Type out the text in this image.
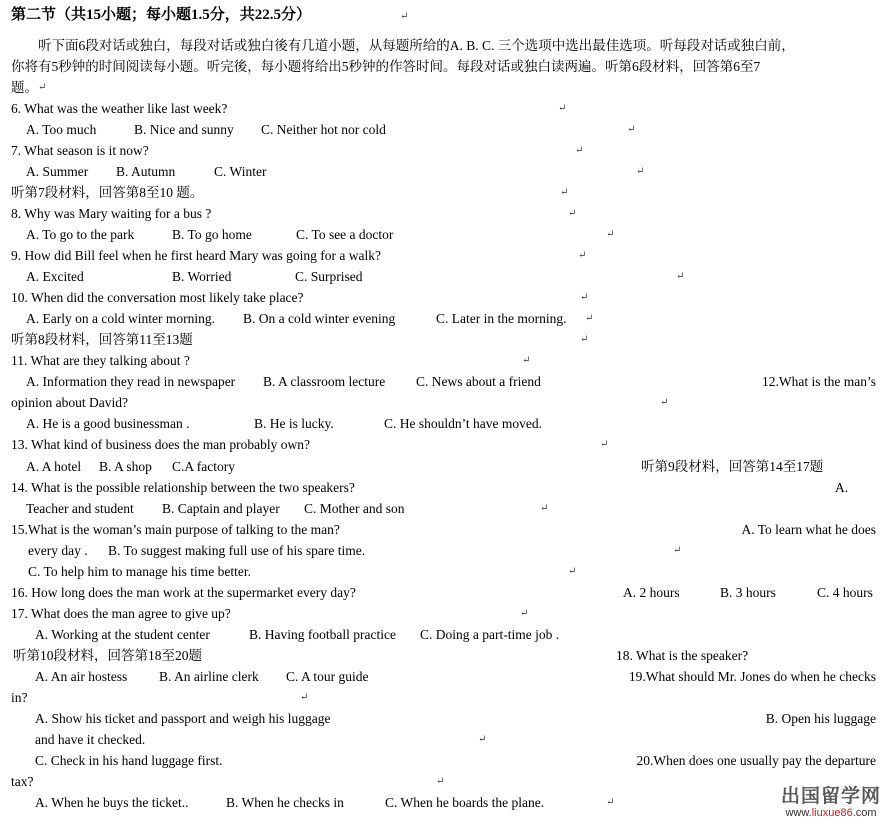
第二节（共15小题；每小题1.5分，共22.5分）	↵
听下面6段对话或独白，每段对话或独白後有几道小题，从每题所给的A. B. C. 三个选项中选出最佳选项。听每段对话或独白前，
你将有5秒钟的时间阅读每小题。听完後，每小题将给出5秒钟的作答时间。每段对话或独白读两遍。听第6段材料，回答第6至7
题。 ↵
6. What was the weather like last week?	↵
A. Too much	B. Nice and sunny C. Neither hot nor cold	↵
7. What season is it now?	↵
A. Summer B. Autumn	C. Winter	↵
听第7段材料，回答第8至10 题。	↵
8. Why was Mary waiting for a bus ?	↵
A. To go to the park	B. To go home	C. To see a doctor	↵
9. How did Bill feel when he first heard Mary was going for a walk?	↵
A. Excited	B. Worried	C. Surprised	↵
10. When did the conversation most likely take place?	↵
A. Early on a cold winter morning. B. On a cold winter evening	C. Later in the morning. ↵
听第8段材料，回答第11至13题	↵
11. What are they talking about ?	↵
A. Information they read in newspaper B. A classroom lecture C. News about a friend	12.What is the man’s
opinion about David?	↵
A. He is a good businessman .	B. He is lucky.	C. He shouldn’t have moved.
13. What kind of business does the man probably own?	↵
A. A hotel B. A shop C.A factory	听第9段材料，回答第14至17题
14. What is the possible relationship between the two speakers?	A.
Teacher and student B. Captain and player C. Mother and son	↵
15.What is the woman’s main purpose of talking to the man?	A. To learn what he does
every day . B. To suggest making full use of his spare time.	↵
C. To help him to manage his time better.	↵
16. How long does the man work at the supermarket every day?	A. 2 hours	B. 3 hours	C. 4 hours
17. What does the man agree to give up?	↵
A. Working at the student center	B. Having football practice C. Doing a part-time job .
听第10段材料，回答第18至20题	18. What is the speaker?
A. An air hostess B. An airline clerk C. A tour guide	19.What should Mr. Jones do when he checks
in?	↵
A. Show his ticket and passport and weigh his luggage	B. Open his luggage
and have it checked.	↵
C. Check in his hand luggage first.	20.When does one usually pay the departure
tax?	↵
A. When he buys the ticket..	B. When he checks in	C. When he boards the plane.	↵	出国留学网
www.liuxue86.com
